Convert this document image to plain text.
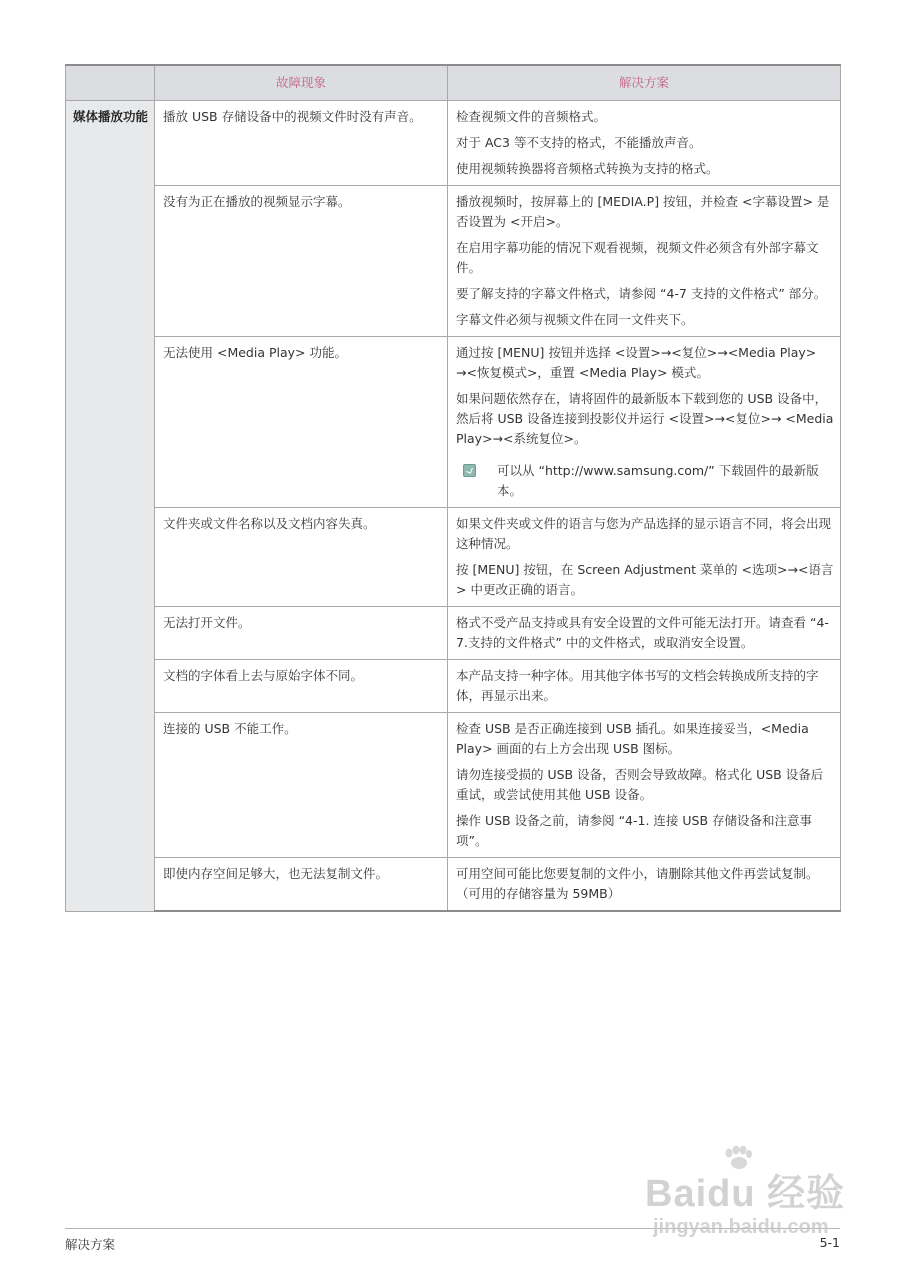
	故障现象	解决方案
媒体播放功能	播放 USB 存储设备中的视频文件时没有声音。	检查视频文件的音频格式。

对于 AC3 等不支持的格式，不能播放声音。

使用视频转换器将音频格式转换为支持的格式。

	没有为正在播放的视频显示字幕。	播放视频时，按屏幕上的 [MEDIA.P] 按钮，并检查 <字幕设置> 是否设置为 <开启>。

在启用字幕功能的情况下观看视频，视频文件必须含有外部字幕文件。

要了解支持的字幕文件格式，请参阅 “4-7 支持的文件格式” 部分。

字幕文件必须与视频文件在同一文件夹下。

	无法使用 <Media Play> 功能。	通过按 [MENU] 按钮并选择 <设置>→<复位>→<Media Play> →<恢复模式>，重置 <Media Play> 模式。

如果问题依然存在，请将固件的最新版本下载到您的 USB 设备中，然后将 USB 设备连接到投影仪并运行 <设置>→<复位>→ <Media Play>→<系统复位>。

可以从 “http://www.samsung.com/” 下载固件的最新版本。

	文件夹或文件名称以及文档内容失真。	如果文件夹或文件的语言与您为产品选择的显示语言不同，将会出现这种情况。

按 [MENU] 按钮，在 Screen Adjustment 菜单的 <选项>→<语言> 中更改正确的语言。

	无法打开文件。	格式不受产品支持或具有安全设置的文件可能无法打开。请查看 “4-7.支持的文件格式” 中的文件格式，或取消安全设置。

	文档的字体看上去与原始字体不同。	本产品支持一种字体。用其他字体书写的文档会转换成所支持的字体，再显示出来。

	连接的 USB 不能工作。	检查 USB 是否正确连接到 USB 插孔。如果连接妥当，<Media Play> 画面的右上方会出现 USB 图标。

请勿连接受损的 USB 设备，否则会导致故障。格式化 USB 设备后重试，或尝试使用其他 USB 设备。

操作 USB 设备之前，请参阅 “4-1. 连接 USB 存储设备和注意事项”。

	即使内存空间足够大，也无法复制文件。	可用空间可能比您要复制的文件小，请删除其他文件再尝试复制。（可用的存储容量为 59MB）

解决方案	5-1
Baidu 经验
jingyan.baidu.com
